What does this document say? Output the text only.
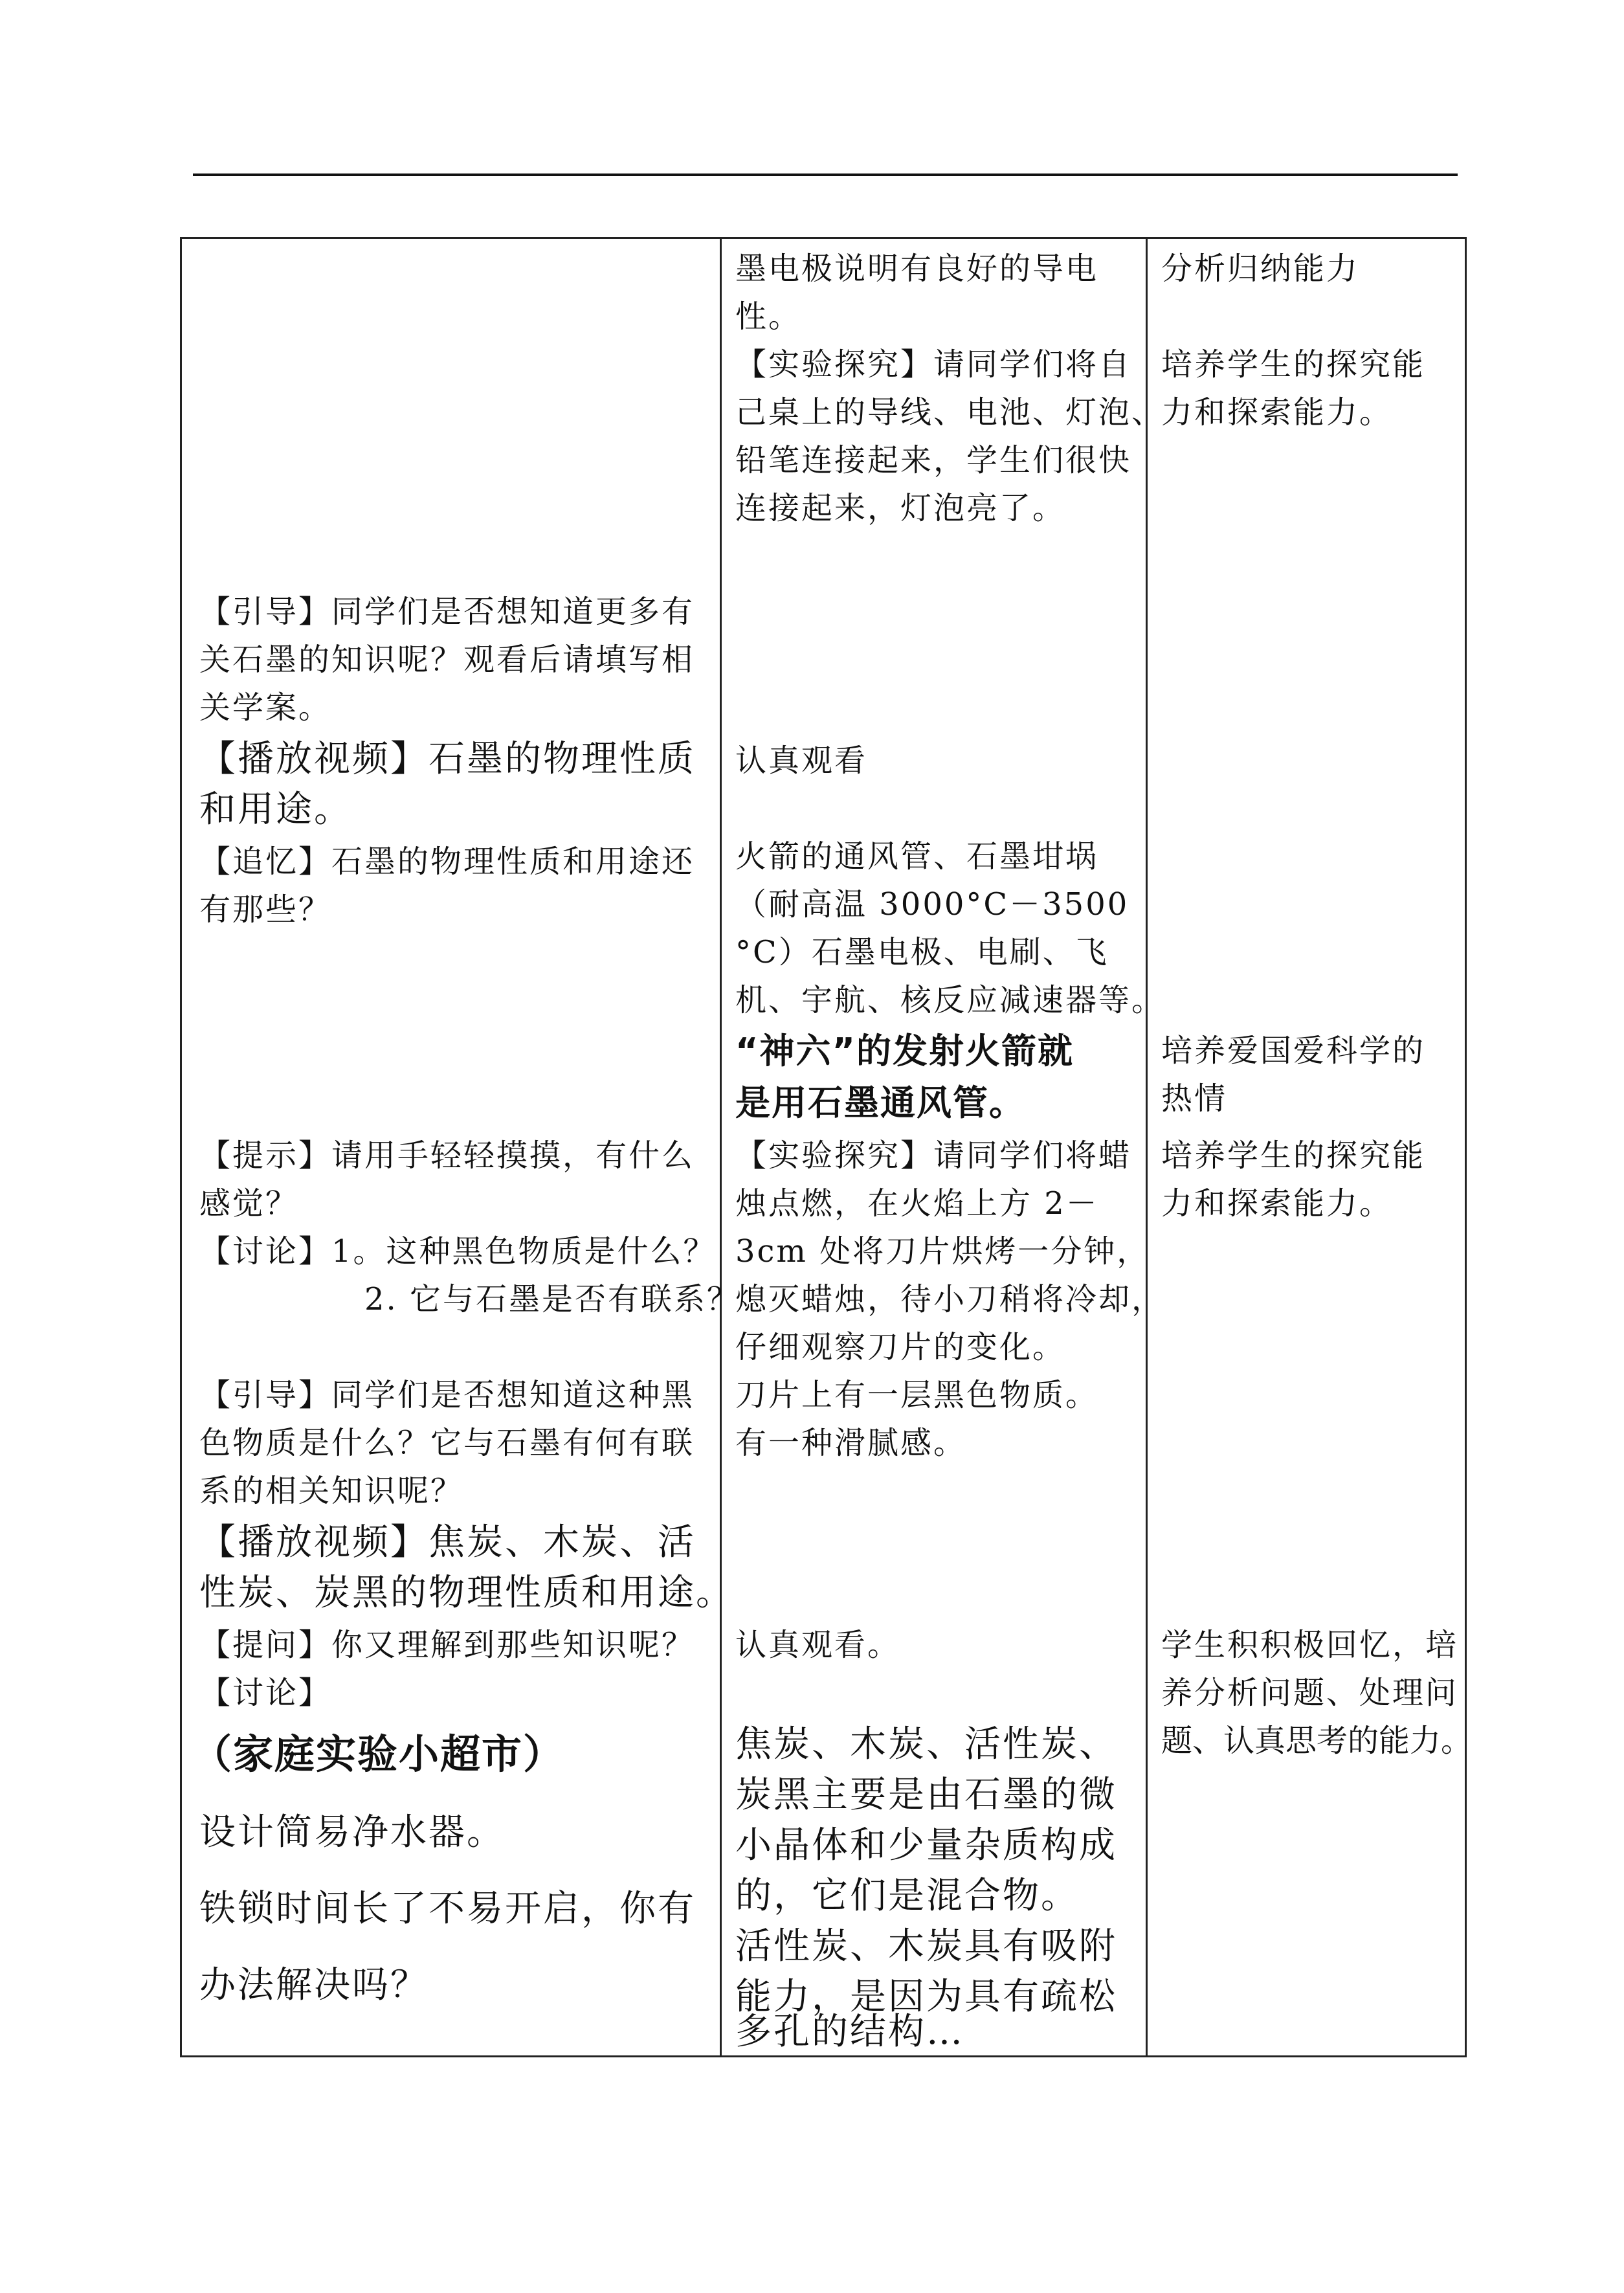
【引导】同学们是否想知道更多有

关石墨的知识呢？观看后请填写相

关学案。

【播放视频】石墨的物理性质

和用途。

【追忆】石墨的物理性质和用途还

有那些？

【提示】请用手轻轻摸摸，有什么

感觉？

【讨论】1。这种黑色物质是什么？

　　　　　2. 它与石墨是否有联系？

【引导】同学们是否想知道这种黑

色物质是什么？它与石墨有何有联

系的相关知识呢？

【播放视频】焦炭、木炭、活

性炭、炭黑的物理性质和用途。

【提问】你又理解到那些知识呢？

【讨论】

（家庭实验小超市）

设计简易净水器。

铁锁时间长了不易开启，你有

办法解决吗？

墨电极说明有良好的导电

性。

【实验探究】请同学们将自

己桌上的导线、电池、灯泡、

铅笔连接起来，学生们很快

连接起来，灯泡亮了。

认真观看

火箭的通风管、石墨坩埚

（耐高温 3000°C－3500

°C）石墨电极、电刷、飞

机、宇航、核反应减速器等。

“神六”的发射火箭就

是用石墨通风管。

【实验探究】请同学们将蜡

烛点燃，在火焰上方 2－

3cm 处将刀片烘烤一分钟，

熄灭蜡烛，待小刀稍将冷却，

仔细观察刀片的变化。

刀片上有一层黑色物质。

有一种滑腻感。

认真观看。

焦炭、木炭、活性炭、

炭黑主要是由石墨的微

小晶体和少量杂质构成

的，它们是混合物。

活性炭、木炭具有吸附

能力，是因为具有疏松

多孔的结构…

分析归纳能力

培养学生的探究能

力和探索能力。

培养爱国爱科学的

热情

培养学生的探究能

力和探索能力。

学生积积极回忆，培

养分析问题、处理问

题、认真思考的能力。
